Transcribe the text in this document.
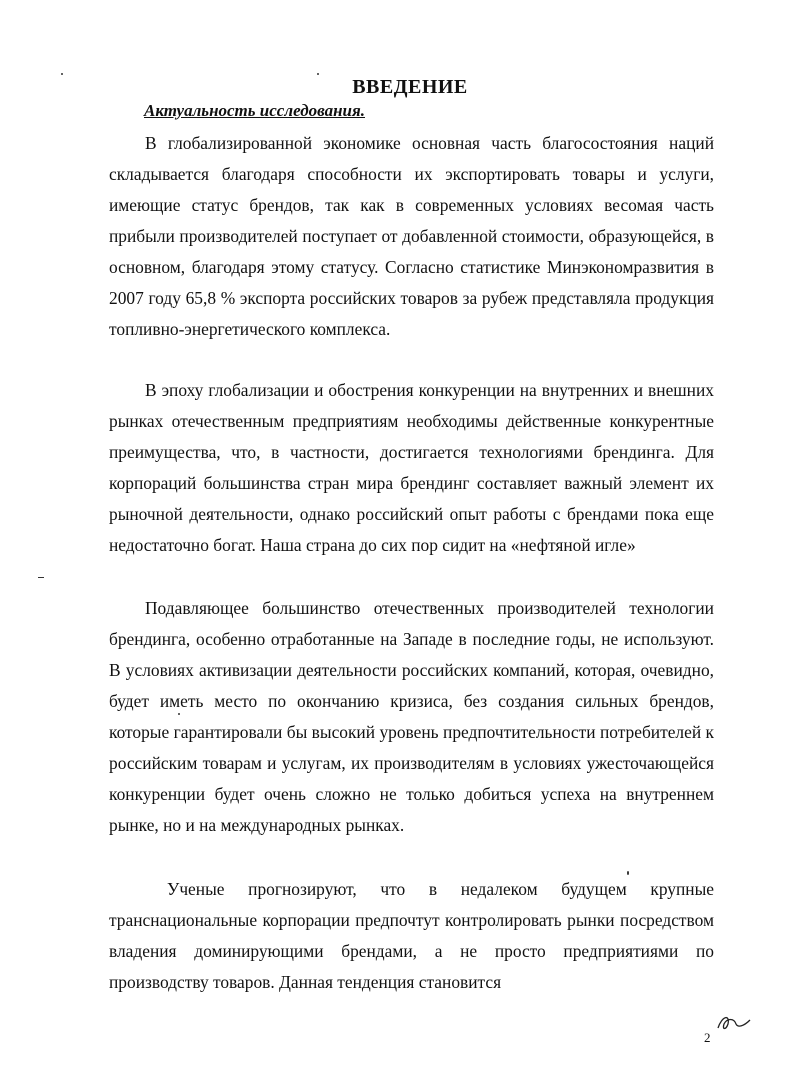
ВВЕДЕНИЕ
Актуальность исследования.

В глобализированной экономике основная часть благосостояния наций складывается благодаря способности их экспортировать товары и услуги, имеющие статус брендов, так как в современных условиях весомая часть прибыли производителей поступает от добавленной стоимости, образующейся, в основном, благодаря этому статусу. Согласно статистике Минэкономразвития в 2007 году 65,8 % экспорта российских товаров за рубеж представляла продукция топливно-энергетического комплекса.

В эпоху глобализации и обострения конкуренции на внутренних и внешних рынках отечественным предприятиям необходимы действенные конкурентные преимущества, что, в частности, достигается технологиями брендинга. Для корпораций большинства стран мира брендинг составляет важный элемент их рыночной деятельности, однако российский опыт работы с брендами пока еще недостаточно богат. Наша страна до сих пор сидит на «нефтяной игле»

Подавляющее большинство отечественных производителей технологии брендинга, особенно отработанные на Западе в последние годы, не используют. В условиях активизации деятельности российских компаний, которая, очевидно, будет иметь место по окончанию кризиса, без создания сильных брендов, которые гарантировали бы высокий уровень предпочтительности потребителей к российским товарам и услугам, их производителям в условиях ужесточающейся конкуренции будет очень сложно не только добиться успеха на внутреннем рынке, но и на международных рынках.

Ученые прогнозируют, что в недалеком будущем крупные транснациональные корпорации предпочтут контролировать рынки посредством владения доминирующими брендами, а не просто предприятиями по производству товаров. Данная тенденция становится

2
